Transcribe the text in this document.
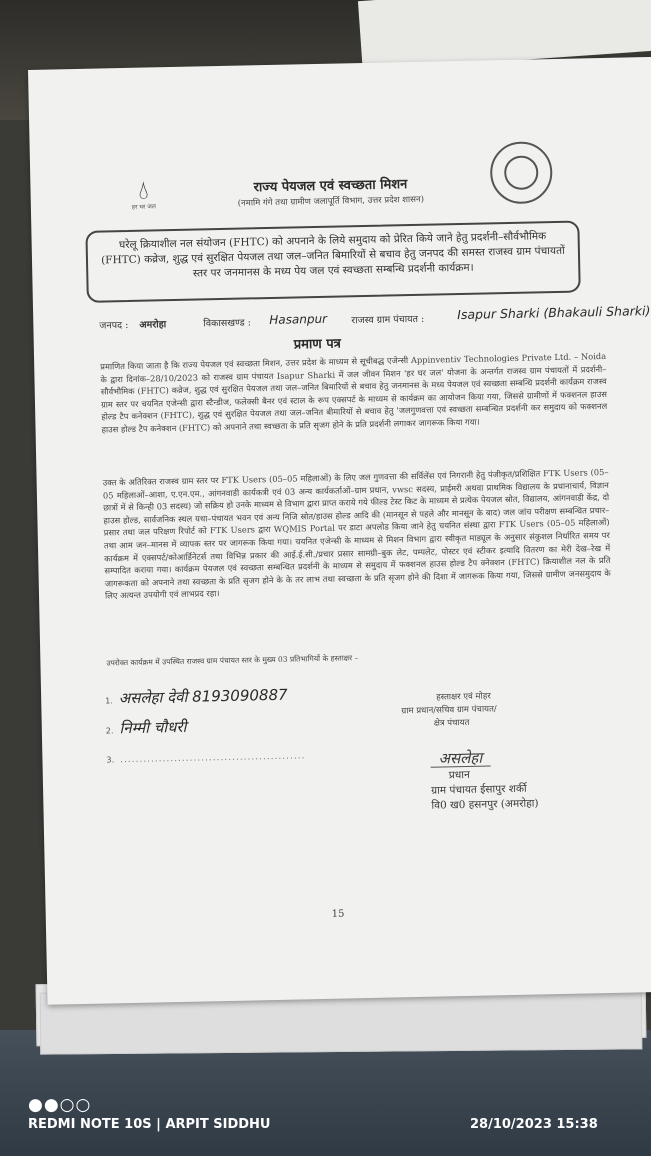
💧︎
हर घर जल
राज्य पेयजल एवं स्वच्छता मिशन
(नमामि गंगे तथा ग्रामीण जलापूर्ति विभाग, उत्तर प्रदेश शासन)
घरेलू क्रियाशील नल संयोजन (FHTC) को अपनाने के लिये समुदाय को प्रेरित किये जाने हेतु प्रदर्शनी–सौर्वभौमिक (FHTC) कव्रेज, शुद्ध एवं सुरक्षित पेयजल तथा जल–जनित बिमारियों से बचाव हेतु जनपद की समस्त राजस्व ग्राम पंचायतों स्तर पर जनमानस के मध्य पेय जल एवं स्वच्छता सम्बन्धि प्रदर्शनी कार्यक्रम।
जनपद : अमरोहा	विकासखण्ड : Hasanpur	राजस्व ग्राम पंचायत :	Isapur Sharki (Bhakauli Sharki)
प्रमाण पत्र
प्रमाणित किया जाता है कि राज्य पेयजल एवं स्वच्छता मिशन, उत्तर प्रदेश के माध्यम से सूचीबद्ध एजेन्सी Appinventiv Technologies Private Ltd. – Noida के द्वारा दिनांक–28/10/2023 को राजस्व ग्राम पंचायत Isapur Sharki में जल जीवन मिशन 'हर घर जल' योजना के अन्तर्गत राजस्व ग्राम पंचायतों में प्रदर्शनी–सौर्वभौमिक (FHTC) कव्रेज, शुद्ध एवं सुरक्षित पेयजल तथा जल–जनित बिमारियों से बचाव हेतु जनमानस के मध्य पेयजल एवं स्वच्छता सम्बन्धि प्रदर्शनी कार्यक्रम राजस्व ग्राम स्तर पर चयनित एजेन्सी द्वारा स्टैन्डीज, फलेक्सी बैनर एवं स्टाल के रूप एक्सपर्ट के माध्यम से कार्यक्रम का आयोजन किया गया, जिससे ग्रामीणों में फक्शनल हाउस होल्ड टैप कनेक्शन (FHTC), शुद्ध एवं सुरक्षित पेयजल तथा जल–जनित बीमारियों से बचाव हेतु 'जलगुणवत्ता एवं स्वच्छता सम्बन्धित प्रदर्शनी कर समुदाय को फक्शनल हाउस होल्ड टैप कनेक्शन (FHTC) को अपनाने तथा स्वच्छता के प्रति सृजग होने के प्रति प्रदर्शनी लगाकर जागरूक किया गया।
उक्त के अतिरिक्त राजस्व ग्राम स्तर पर FTK Users (05–05 महिलाओं) के लिए जल गुणवत्ता की सर्विलेंस एवं निगरानी हेतु पंजीकृत/प्रशिक्षित FTK Users (05–05 महिलाओं–आशा, ए.एन.एम., आंगनवाडी कार्यकत्री एवं 03 अन्य कार्यकर्ताओं–ग्राम प्रधान, vwsc सदस्य, प्राईमरी अथवा प्राथमिक विद्यालय के प्रधानाचार्य, विज्ञान छात्रों में से किन्ही 03 सदस्य) जो सक्रिय हो उनके माध्यम से विभाग द्वारा प्राप्त कराये गये फील्ड टेस्ट किट के माध्यम से प्रत्येक पेयजल स्रोत, विद्यालय, आंगनवाडी केंद्र, दो हाउस होल्ड, सार्वजनिक स्थल यथा–पंचायत भवन एवं अन्य निजि स्रोत/हाउस होल्ड आदि की (मानसून से पहले और मानसून के बाद) जल जांच परीक्षण सम्बन्धित प्रचार–प्रसार तथा जल परिक्षण रिपोर्ट को FTK Users द्वारा WQMIS Portal पर डाटा अपलोड किया जाने हेतु चयनित संस्था द्वारा FTK Users (05–05 महिलाओं) तथा आम जन–मानस में व्यापक स्तर पर जागरूक किया गया। चयनित एजेन्सी के माध्यम से मिशन विभाग द्वारा स्वीकृत माड्यूल के अनुसार संकुशल निर्धारित समय पर कार्यक्रम में एक्सपर्ट/कोआर्डिनेटर्स तथा विभिन्न प्रकार की आई.ई.सी./प्रचार प्रसार सामग्री–बुक लेट, पम्पलेट, पोस्टर एवं स्टीकर इत्यादि वितरण का मेरी देख–रेख में सम्पादित कराया गया। कार्यक्रम पेयजल एवं स्वच्छता सम्बन्धित प्रदर्शनी के माध्यम से समुदाय में फक्शनल हाउस होल्ड टैप क्नेक्शन (FHTC) क्रियाशील नल के प्रति जागरूकता को अपनाने तथा स्वच्छता के प्रति सृजग होने के के तर लाभ तथा स्वच्छता के प्रति सृजग होने की दिशा में जागरूक किया गया, जिससे ग्रामीण जनसमुदाय के लिए अत्यन्त उपयोगी एवं लाभप्रद रहा।
उपरोक्त कार्यक्रम में उपस्थित राजस्व ग्राम पंचायत स्तर के मुख्य 03 प्रतिभागियों के हस्ताक्षर –
1. असलेहा देवी 8193090887
2. निम्मी चौधरी
3. ................................................
हस्ताक्षर एवं मोहर
ग्राम प्रधान/सचिव ग्राम पंचायत/
क्षेत्र पंचायत
असलेहा
प्रधान
ग्राम पंचायत ईसापुर शर्की
वि0 ख0 हसनपुर (अमरोहा)
15
●●○○
REDMI NOTE 10S | ARPIT SIDDHU	28/10/2023 15:38
